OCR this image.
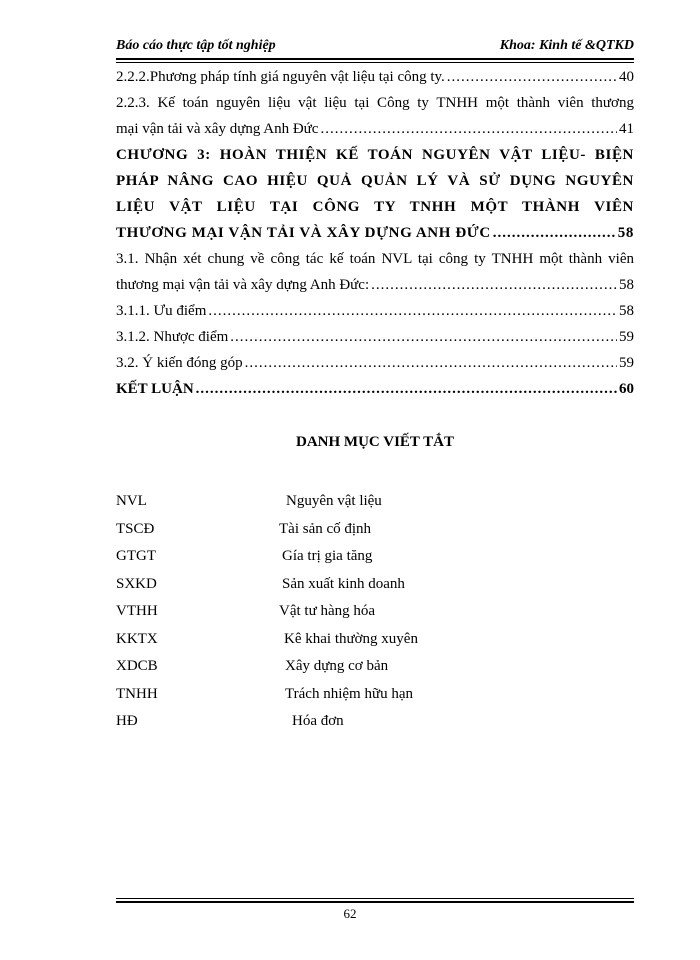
Báo cáo thực tập tốt nghiệp	Khoa: Kinh tế &QTKD
2.2.2.Phương pháp tính giá nguyên vật liệu tại công ty. .....	40
2.2.3. Kế toán nguyên liệu vật liệu tại Công ty TNHH một thành viên thương
mại vận tải và xây dựng Anh Đức .....	41
CHƯƠNG 3: HOÀN THIỆN KẾ TOÁN NGUYÊN VẬT LIỆU- BIỆN
PHÁP NÂNG CAO HIỆU QUẢ QUẢN LÝ VÀ SỬ DỤNG NGUYÊN
LIỆU VẬT LIỆU TẠI CÔNG TY TNHH MỘT THÀNH VIÊN
THƯƠNG MẠI VẬN TẢI VÀ XÂY DỰNG ANH ĐỨC .....	58
3.1. Nhận xét chung về công tác kế toán NVL tại công ty TNHH một thành viên
thương mại vận tải và xây dựng Anh Đức: .....	58
3.1.1. Ưu điểm .....	58
3.1.2. Nhược điểm .....	59
3.2. Ý kiến đóng góp .....	59
KẾT LUẬN .....	60
DANH MỤC VIẾT TẮT
NVL	Nguyên vật liệu
TSCĐ	Tài sản cố định
GTGT	Gía trị gia tăng
SXKD	Sản xuất kinh doanh
VTHH	Vật tư hàng hóa
KKTX	Kê khai thường xuyên
XDCB	Xây dựng cơ bản
TNHH	Trách nhiệm hữu hạn
HĐ	Hóa đơn
62
